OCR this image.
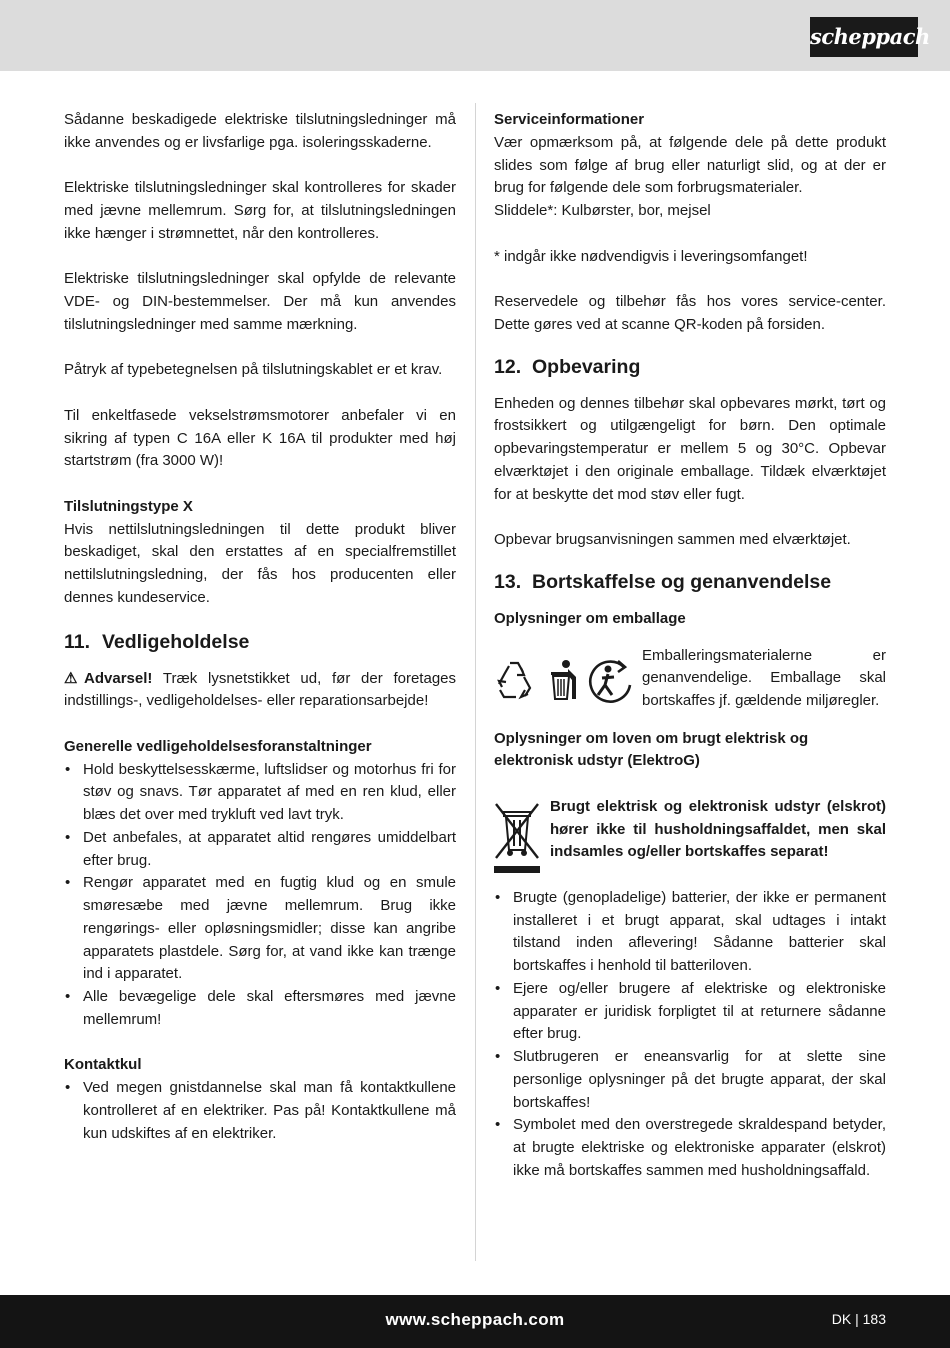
scheppach
Sådanne beskadigede elektriske tilslutningsledninger må ikke anvendes og er livsfarlige pga. isoleringsskaderne.
Elektriske tilslutningsledninger skal kontrolleres for skader med jævne mellemrum. Sørg for, at tilslutningsledningen ikke hænger i strømnettet, når den kontrolleres.
Elektriske tilslutningsledninger skal opfylde de relevante VDE- og DIN-bestemmelser. Der må kun anvendes tilslutningsledninger med samme mærkning.
Påtryk af typebetegnelsen på tilslutningskablet er et krav.
Til enkeltfasede vekselstrømsmotorer anbefaler vi en sikring af typen C 16A eller K 16A til produkter med høj startstrøm (fra 3000 W)!
Tilslutningstype X
Hvis nettilslutningsledningen til dette produkt bliver beskadiget, skal den erstattes af en specialfremstillet nettilslutningsledning, der fås hos producenten eller dennes kundeservice.
11. Vedligeholdelse
⚠Advarsel! Træk lysnetstikket ud, før der foretages indstillings-, vedligeholdelses- eller reparationsarbejde!
Generelle vedligeholdelsesforanstaltninger
• Hold beskyttelsesskærme, luftslidser og motorhus fri for støv og snavs. Tør apparatet af med en ren klud, eller blæs det over med trykluft ved lavt tryk.
• Det anbefales, at apparatet altid rengøres umiddelbart efter brug.
• Rengør apparatet med en fugtig klud og en smule smøresæbe med jævne mellemrum. Brug ikke rengørings- eller opløsningsmidler; disse kan angribe apparatets plastdele. Sørg for, at vand ikke kan trænge ind i apparatet.
• Alle bevægelige dele skal eftersmøres med jævne mellemrum!
Kontaktkul
• Ved megen gnistdannelse skal man få kontaktkullene kontrolleret af en elektriker. Pas på! Kontaktkullene må kun udskiftes af en elektriker.
Serviceinformationer
Vær opmærksom på, at følgende dele på dette produkt slides som følge af brug eller naturligt slid, og at der er brug for følgende dele som forbrugsmaterialer.
Sliddele*: Kulbørster, bor, mejsel
* indgår ikke nødvendigvis i leveringsomfanget!
Reservedele og tilbehør fås hos vores service-center. Dette gøres ved at scanne QR-koden på forsiden.
12. Opbevaring
Enheden og dennes tilbehør skal opbevares mørkt, tørt og frostsikkert og utilgængeligt for børn. Den optimale opbevaringstemperatur er mellem 5 og 30°C. Opbevar elværktøjet i den originale emballage. Tildæk elværktøjet for at beskytte det mod støv eller fugt.
Opbevar brugsanvisningen sammen med elværktøjet.
13. Bortskaffelse og genanvendelse
Oplysninger om emballage
Emballeringsmaterialerne er genanvendelige. Emballage skal bortskaffes jf. gældende miljøregler.
Oplysninger om loven om brugt elektrisk og elektronisk udstyr (ElektroG)
Brugt elektrisk og elektronisk udstyr (elskrot) hører ikke til husholdningsaffaldet, men skal indsamles og/eller bortskaffes separat!
• Brugte (genopladelige) batterier, der ikke er permanent installeret i et brugt apparat, skal udtages i intakt tilstand inden aflevering! Sådanne batterier skal bortskaffes i henhold til batteriloven.
• Ejere og/eller brugere af elektriske og elektroniske apparater er juridisk forpligtet til at returnere sådanne efter brug.
• Slutbrugeren er eneansvarlig for at slette sine personlige oplysninger på det brugte apparat, der skal bortskaffes!
• Symbolet med den overstregede skraldespand betyder, at brugte elektriske og elektroniske apparater (elskrot) ikke må bortskaffes sammen med husholdningsaffald.
www.scheppach.com	DK | 183
